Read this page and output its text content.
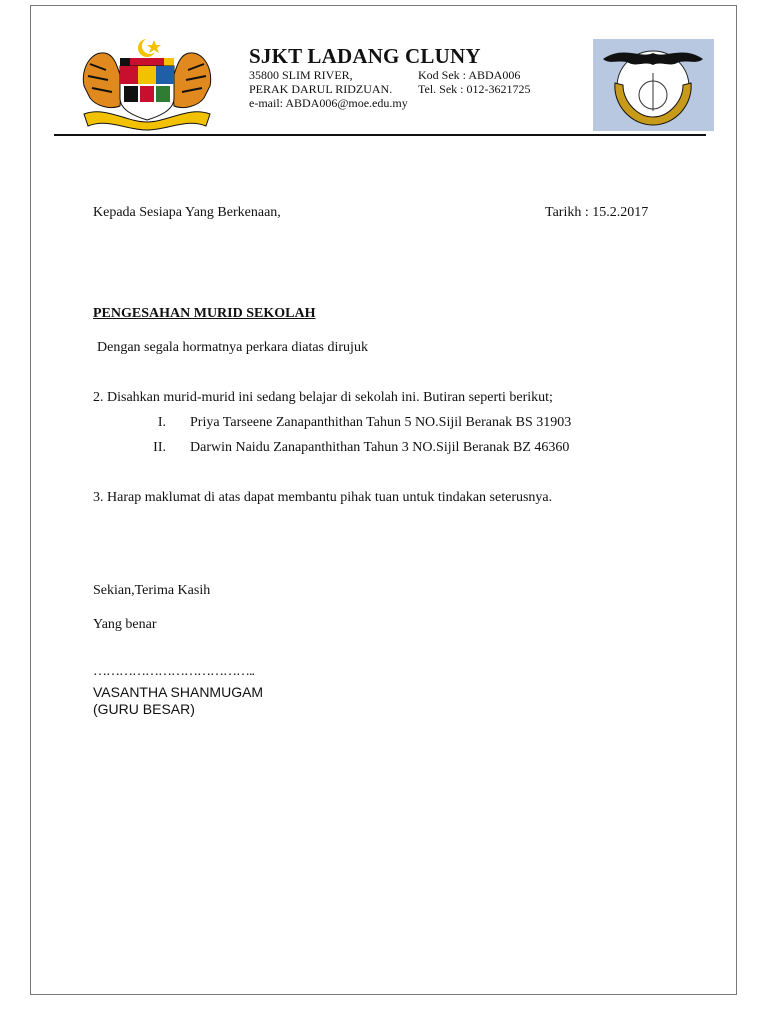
SJKT LADANG CLUNY
35800 SLIM RIVER,
PERAK DARUL RIDZUAN.
e-mail: ABDA006@moe.edu.my
Kod Sek : ABDA006
Tel. Sek : 012-3621725
Kepada Sesiapa Yang Berkenaan,	Tarikh : 15.2.2017
PENGESAHAN MURID SEKOLAH
Dengan segala hormatnya perkara diatas dirujuk
2. Disahkan murid-murid ini sedang belajar di sekolah ini. Butiran seperti berikut;
I. Priya Tarseene Zanapanthithan Tahun 5 NO.Sijil Beranak BS 31903
II. Darwin Naidu Zanapanthithan Tahun 3 NO.Sijil Beranak BZ 46360
3. Harap maklumat di atas dapat membantu pihak tuan untuk tindakan seterusnya.
Sekian,Terima Kasih
Yang benar
………………………………..
VASANTHA SHANMUGAM
(GURU BESAR)
